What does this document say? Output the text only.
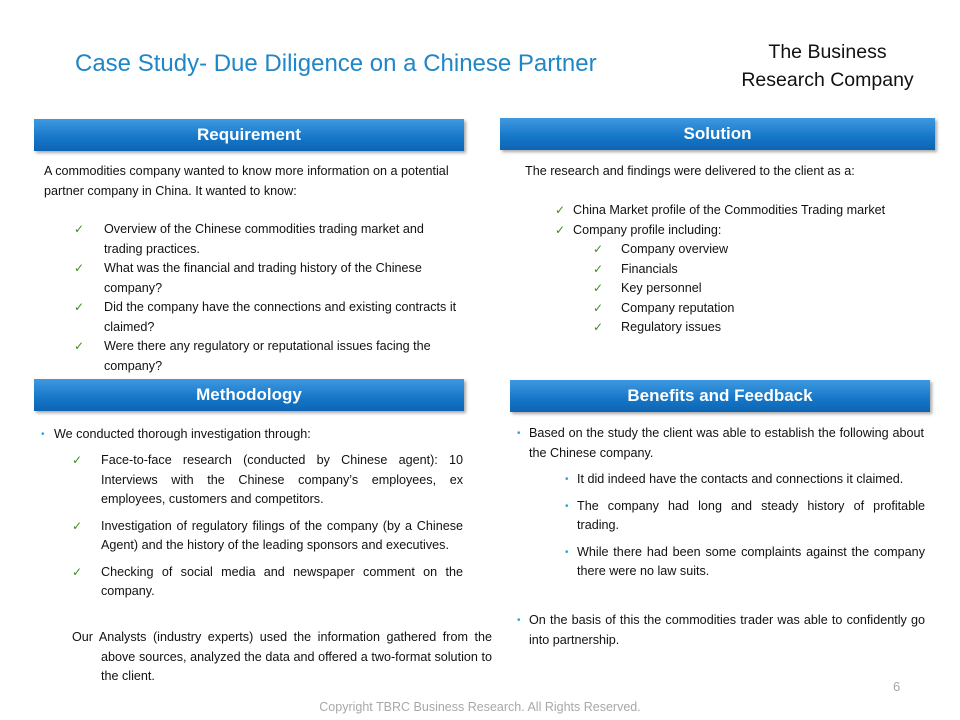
Case Study- Due Diligence on a Chinese Partner	The Business
Research Company
Requirement
A commodities company wanted to know more information on a potential partner company in China. It wanted to know:
✓ Overview of the Chinese commodities trading market and trading practices.
✓ What was the financial and trading history of the Chinese company?
✓ Did the company have the connections and existing contracts it claimed?
✓ Were there any regulatory or reputational issues facing the company?
Solution
The research and findings were delivered to the client as a:
✓ China Market profile of the Commodities Trading market
✓ Company profile including:
✓ Company overview
✓ Financials
✓ Key personnel
✓ Company reputation
✓ Regulatory issues
Methodology
• We conducted thorough investigation through:
✓ Face-to-face research (conducted by Chinese agent): 10 Interviews with the Chinese company’s employees, ex employees, customers and competitors.
✓ Investigation of regulatory filings of the company (by a Chinese Agent) and the history of the leading sponsors and executives.
✓ Checking of social media and newspaper comment on the company.
Our Analysts (industry experts) used the information gathered from the above sources, analyzed the data and offered a two-format solution to the client.
Benefits and Feedback
• Based on the study the client was able to establish the following about the Chinese company.
• It did indeed have the contacts and connections it claimed.
• The company had long and steady history of profitable trading.
• While there had been some complaints against the company there were no law suits.
• On the basis of this the commodities trader was able to confidently go into partnership.
6
Copyright TBRC Business Research. All Rights Reserved.
